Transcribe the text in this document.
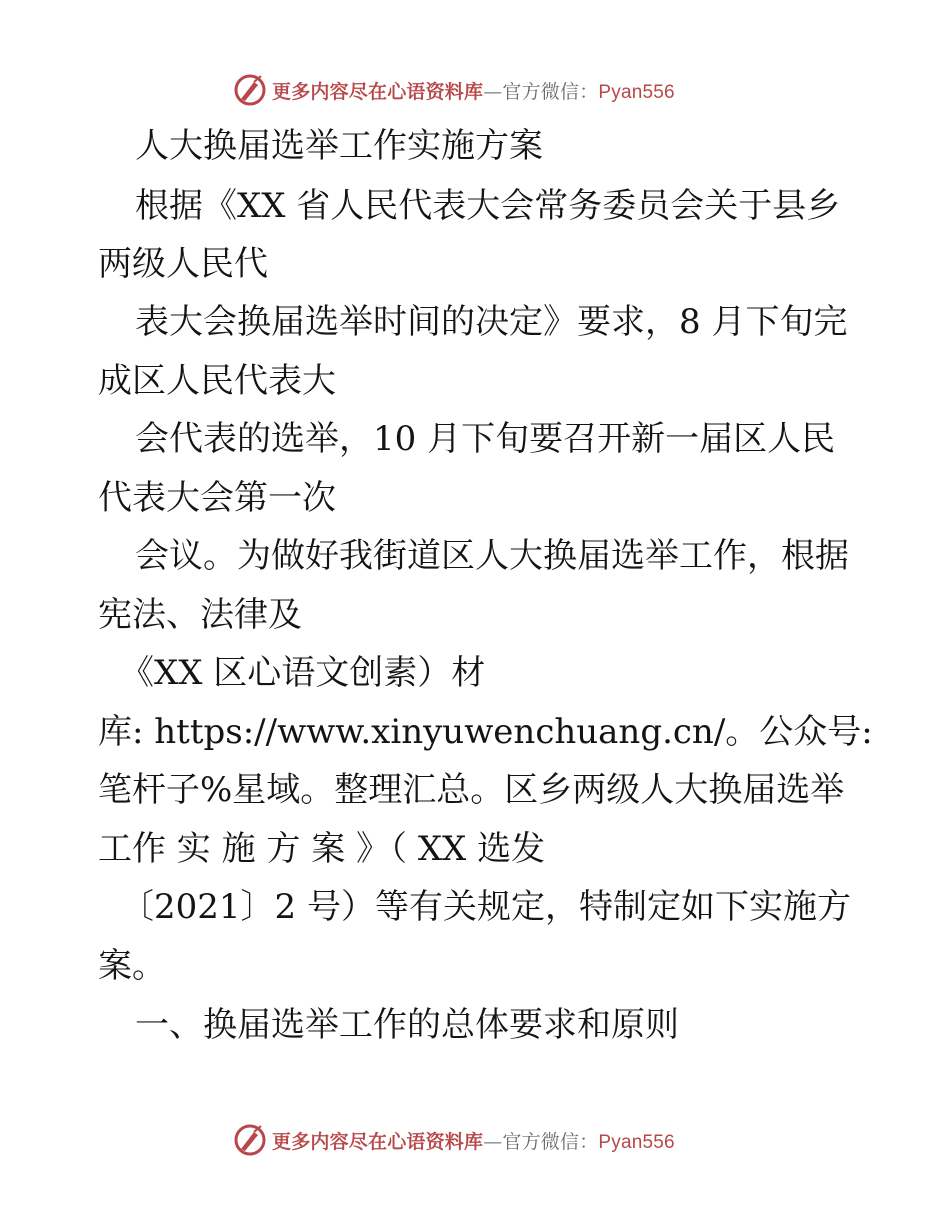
更多内容尽在心语资料库—官方微信：Pyan556
人大换届选举工作实施方案
根据《XX 省人民代表大会常务委员会关于县乡
两级人民代
表大会换届选举时间的决定》要求，8 月下旬完
成区人民代表大
会代表的选举，10 月下旬要召开新一届区人民
代表大会第一次
会议。为做好我街道区人大换届选举工作，根据
宪法、法律及
《XX 区心语文创素）材
库: https://www.xinyuwenchuang.cn/。公众号:
笔杆子%星域。整理汇总。区乡两级人大换届选举
工作 实 施 方 案 》（ XX 选发
〔2021〕2 号）等有关规定，特制定如下实施方
案。
一、换届选举工作的总体要求和原则
更多内容尽在心语资料库—官方微信：Pyan556
